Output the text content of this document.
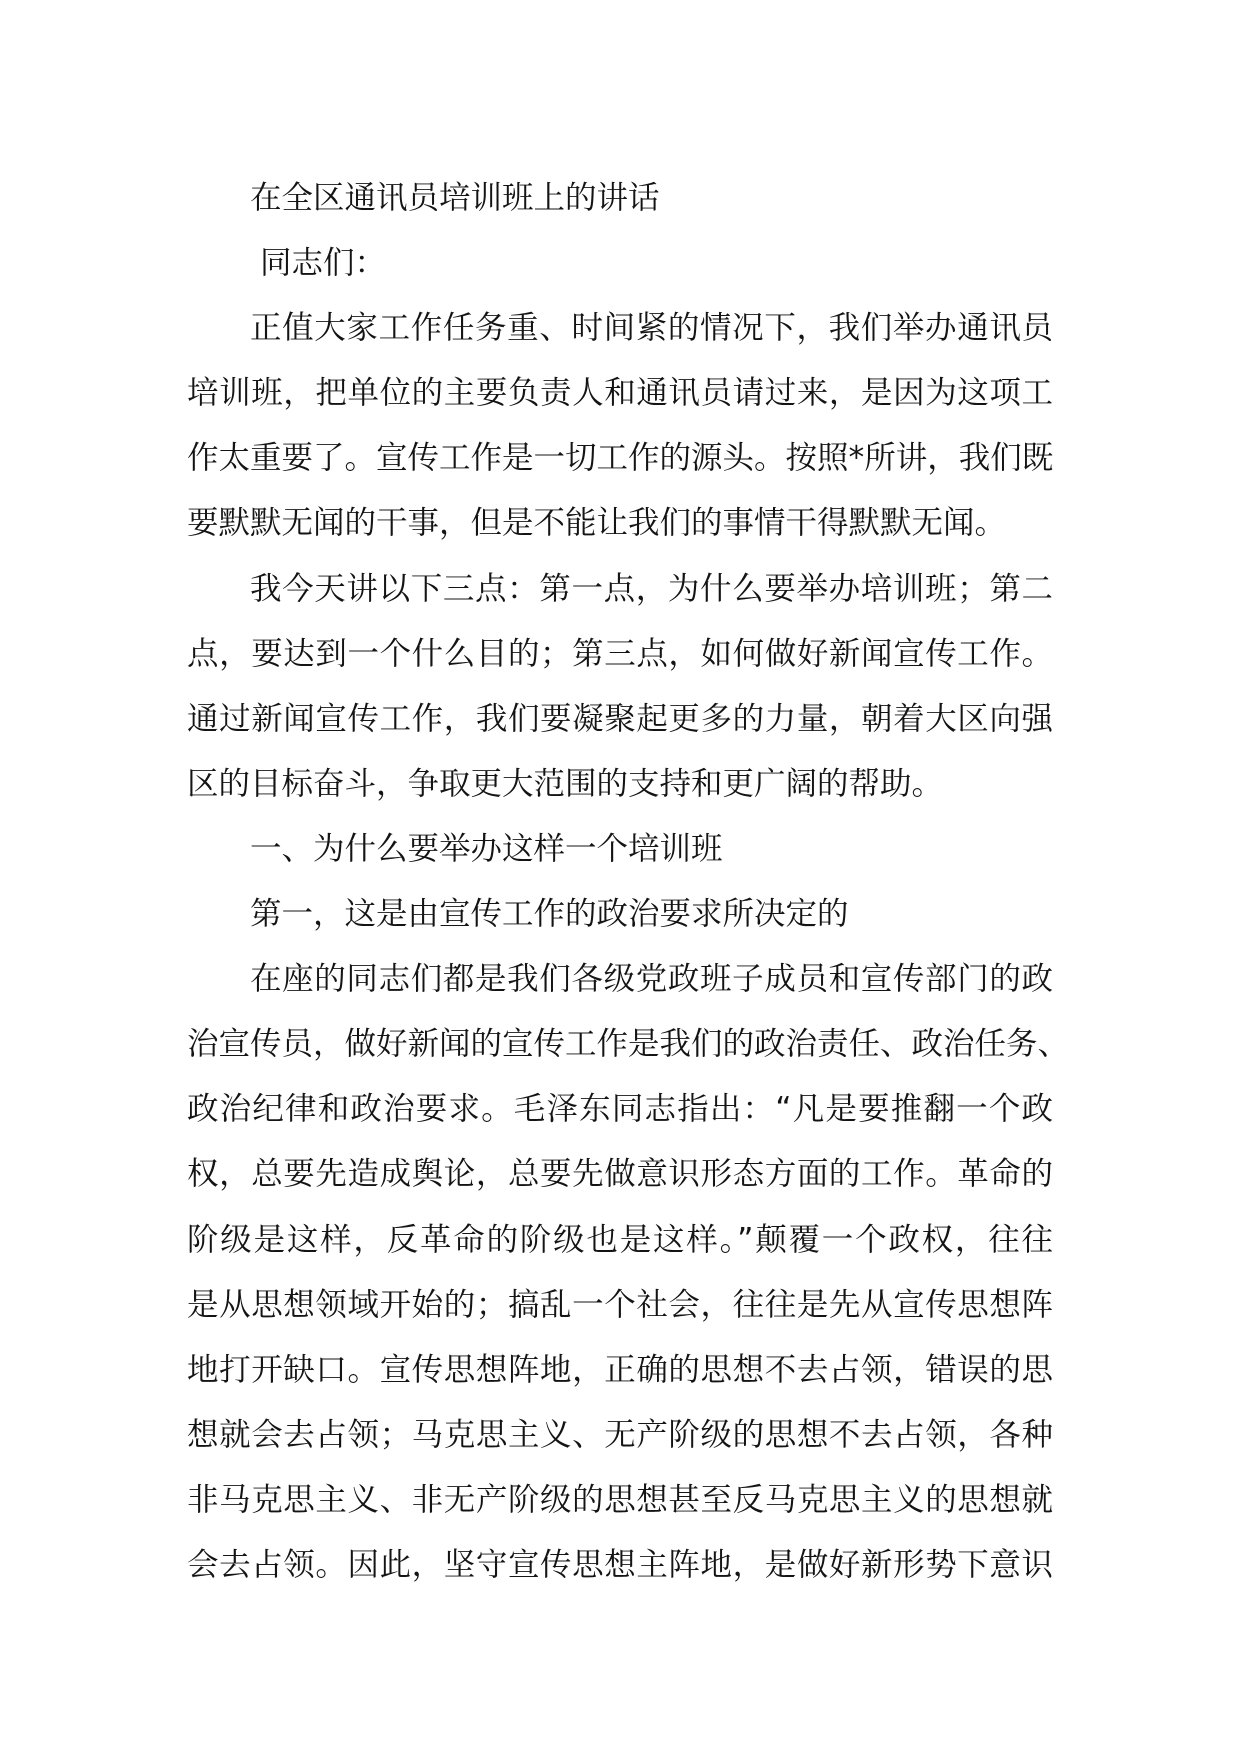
在全区通讯员培训班上的讲话
同志们：
正值大家工作任务重、时间紧的情况下，我们举办通讯员
培训班，把单位的主要负责人和通讯员请过来，是因为这项工
作太重要了。宣传工作是一切工作的源头。按照*所讲，我们既
要默默无闻的干事，但是不能让我们的事情干得默默无闻。
我今天讲以下三点：第一点，为什么要举办培训班；第二
点，要达到一个什么目的；第三点，如何做好新闻宣传工作。
通过新闻宣传工作，我们要凝聚起更多的力量，朝着大区向强
区的目标奋斗，争取更大范围的支持和更广阔的帮助。
一、为什么要举办这样一个培训班
第一，这是由宣传工作的政治要求所决定的
在座的同志们都是我们各级党政班子成员和宣传部门的政
治宣传员，做好新闻的宣传工作是我们的政治责任、政治任务、
政治纪律和政治要求。毛泽东同志指出：“凡是要推翻一个政
权，总要先造成舆论，总要先做意识形态方面的工作。革命的
阶级是这样，反革命的阶级也是这样。”颠覆一个政权，往往
是从思想领域开始的；搞乱一个社会，往往是先从宣传思想阵
地打开缺口。宣传思想阵地，正确的思想不去占领，错误的思
想就会去占领；马克思主义、无产阶级的思想不去占领，各种
非马克思主义、非无产阶级的思想甚至反马克思主义的思想就
会去占领。因此，坚守宣传思想主阵地，是做好新形势下意识
